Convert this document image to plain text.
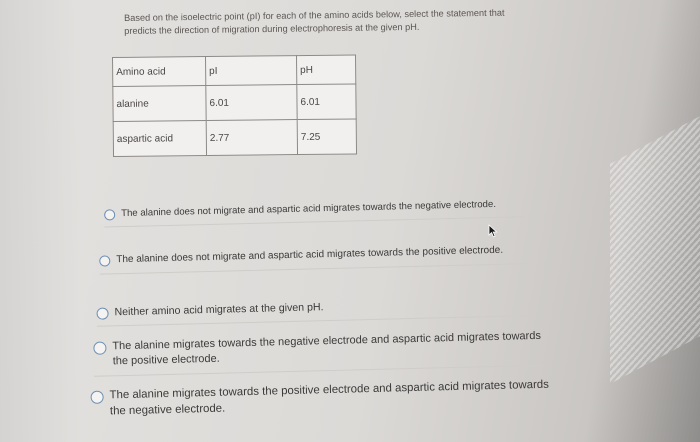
Based on the isoelectric point (pI) for each of the amino acids below, select the statement that predicts the direction of migration during electrophoresis at the given pH.
Amino acid	pI	pH
alanine	6.01	6.01
aspartic acid	2.77	7.25
The alanine does not migrate and aspartic acid migrates towards the negative electrode.
The alanine does not migrate and aspartic acid migrates towards the positive electrode.
Neither amino acid migrates at the given pH.
The alanine migrates towards the negative electrode and aspartic acid migrates towards the positive electrode.
The alanine migrates towards the positive electrode and aspartic acid migrates towards the negative electrode.
